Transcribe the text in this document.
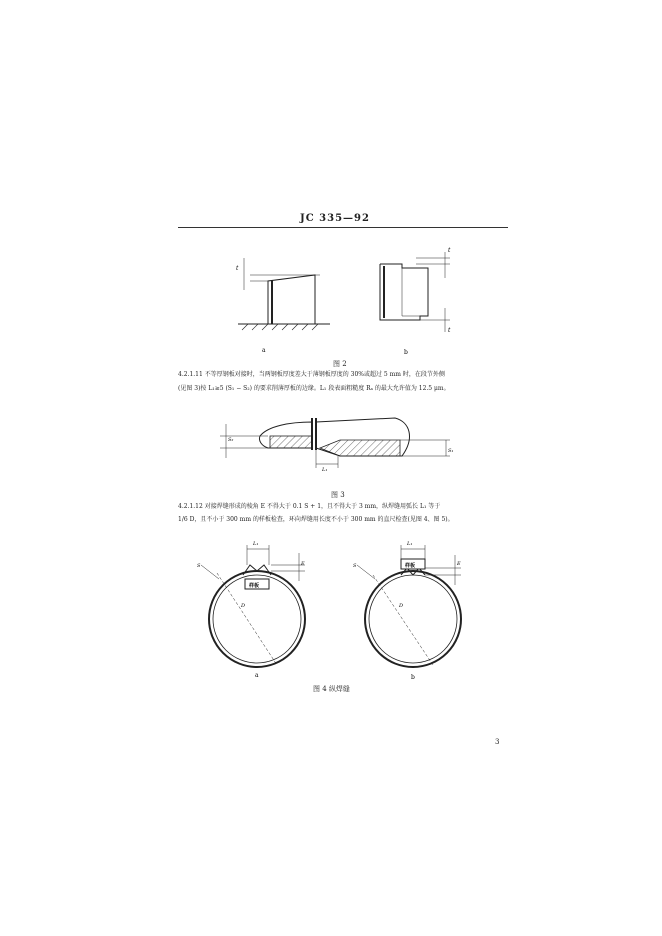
JC 335—92
t
a
t
t
b
图 2
4.2.1.11 不等厚钢板对接时，当两钢板厚度差大于薄钢板厚度的 30%或超过 5 mm 时，在段节外侧
(见图 3)按 L₁≥5 (S₁ − S₂) 的要求削薄厚板的边缘。L₁ 段表面粗糙度 Rₐ 的最大允许值为 12.5 μm。
S₂
S₁
L₁
图 3
4.2.1.12 对接焊缝形成的棱角 E 不得大于 0.1 S + 1，且不得大于 3 mm，纵焊缝用弧长 L₁ 等于
1/6 D，且不小于 300 mm 的样板检查，环向焊缝用长度不小于 300 mm 的直尺检查(见图 4、图 5)。
L₁
样板
E
S
D
a
L₁
样板	E
S
D
b
图 4 纵焊缝
3
